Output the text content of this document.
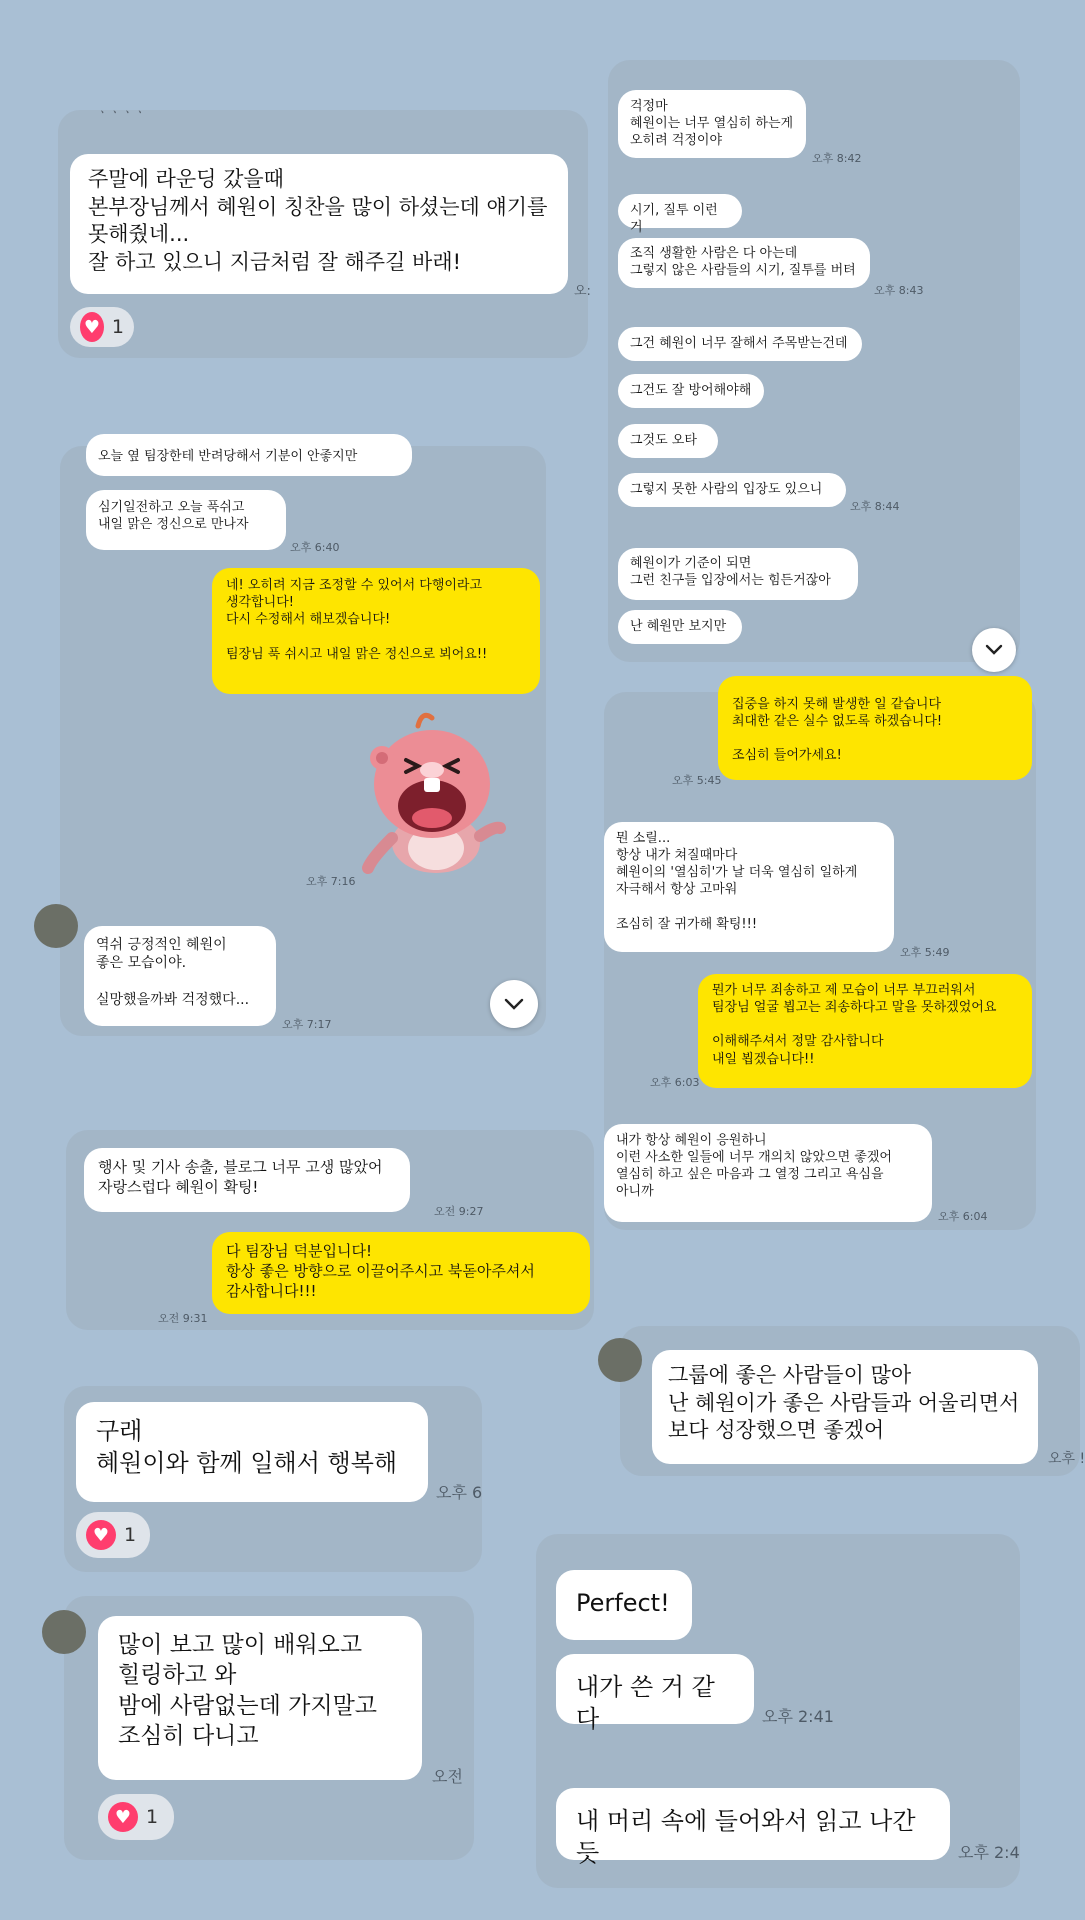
ㆍㆍㆍㆍ
주말에 라운딩 갔을때
본부장님께서 혜원이 칭찬을 많이 하셨는데 얘기를
못해줬네...
잘 하고 있으니 지금처럼 잘 해주길 바래!
오:
♥ 1
걱정마
혜원이는 너무 열심히 하는게
오히려 걱정이야
오후 8:42
시기, 질투 이런거
조직 생활한 사람은 다 아는데
그렇지 않은 사람들의 시기, 질투를 버텨
오후 8:43
그건 혜원이 너무 잘해서 주목받는건데
그건도 잘 방어해야해
그것도 오타
그렇지 못한 사람의 입장도 있으니
오후 8:44
혜원이가 기준이 되면
그런 친구들 입장에서는 힘든거잖아
난 혜원만 보지만
오늘 옆 팀장한테 반려당해서 기분이 안좋지만
심기일전하고 오늘 푹쉬고
내일 맑은 정신으로 만나자
오후 6:40
네! 오히려 지금 조정할 수 있어서 다행이라고
생각합니다!
다시 수정해서 해보겠습니다!

팀장님 푹 쉬시고 내일 맑은 정신으로 뵈어요!!
오후 7:16
역쉬 긍정적인 혜원이
좋은 모습이야.

실망했을까봐 걱정했다...
오후 7:17
집중을 하지 못해 발생한 일 같습니다
최대한 같은 실수 없도록 하겠습니다!

조심히 들어가세요!
오후 5:45
뭔 소릴...
항상 내가 쳐질때마다
혜원이의 '열심히'가 날 더욱 열심히 일하게
자극해서 항상 고마워

조심히 잘 귀가해 확팅!!!
오후 5:49
뭔가 너무 죄송하고 제 모습이 너무 부끄러워서
팀장님 얼굴 뵙고는 죄송하다고 말을 못하겠었어요

이해해주셔서 정말 감사합니다
내일 뵙겠습니다!!
오후 6:03
내가 항상 혜원이 응원하니
이런 사소한 일들에 너무 개의치 않았으면 좋겠어
열심히 하고 싶은 마음과 그 열정 그리고 욕심을
아니까
오후 6:04
행사 및 기사 송출, 블로그 너무 고생 많았어
자랑스럽다 혜원이 확팅!
오전 9:27
다 팀장님 덕분입니다!
항상 좋은 방향으로 이끌어주시고 북돋아주셔서
감사합니다!!!
오전 9:31
그룹에 좋은 사람들이 많아
난 혜원이가 좋은 사람들과 어울리면서
보다 성장했으면 좋겠어
오후 !
구래
혜원이와 함께 일해서 행복해
오후 6
♥ 1
많이 보고 많이 배워오고
힐링하고 와
밤에 사람없는데 가지말고
조심히 다니고
오전
♥ 1
Perfect!
내가 쓴 거 같다	오후 2:41
내 머리 속에 들어와서 읽고 나간듯	오후 2:4
